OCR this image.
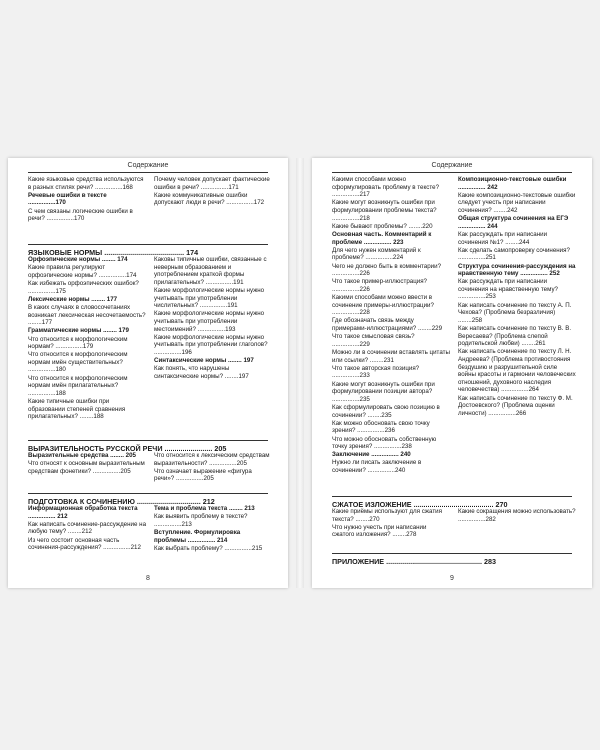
Содержание
Какие языковые средства используются в разных стилях речи? ................168
Речевые ошибки в тексте ................170
С чем связаны логические ошибки в речи? ................170
Почему человек допускает фактические ошибки в речи? ................171
Какие коммуникативные ошибки допускают люди в речи? ................172
ЯЗЫКОВЫЕ НОРМЫ ........................................ 174
Орфоэпические нормы ........ 174
Какие правила регулируют орфоэпические нормы? ................174
Как избежать орфоэпических ошибок? ................175
Лексические нормы ........ 177
В каких случаях в словосочетаниях возникает лексическая несочетаемость? ........177
Грамматические нормы ........ 179
Что относится к морфологическим нормам? ................179
Что относится к морфологическим нормам имён существительных? ................180
Что относится к морфологическим нормам имён прилагательных? ................188
Какие типичные ошибки при образовании степеней сравнения прилагательных? ........188
Каковы типичные ошибки, связанные с неверным образованием и употреблением краткой формы прилагательных? ................191
Какие морфологические нормы нужно учитывать при употреблении числительных? ................191
Какие морфологические нормы нужно учитывать при употреблении местоимений? ................193
Какие морфологические нормы нужно учитывать при употреблении глаголов? ................196
Синтаксические нормы ........ 197
Как понять, что нарушены синтаксические нормы? ........197
ВЫРАЗИТЕЛЬНОСТЬ РУССКОЙ РЕЧИ ........................ 205
Выразительные средства ........ 205
Что относят к основным выразительным средствам фонетики? ................205
Что относится к лексическим средствам выразительности? ................205
Что означает выражение «фигура речи»? ................205
ПОДГОТОВКА К СОЧИНЕНИЮ ................................ 212
Информационная обработка текста ................ 212
Как написать сочинение-рассуждение на любую тему? ........212
Из чего состоит основная часть сочинения-рассуждения? ................212
Тема и проблема текста ........ 213
Как выявить проблему в тексте? ................213
Вступление. Формулировка проблемы ................ 214
Как выбрать проблему? ................215
8
Содержание
Какими способами можно сформулировать проблему в тексте? ................217
Какие могут возникнуть ошибки при формулировании проблемы текста? ................218
Какие бывают проблемы? ........220
Основная часть. Комментарий к проблеме ................ 223
Для чего нужен комментарий к проблеме? ................224
Чего не должно быть в комментарии? ................226
Что такое пример-иллюстрация? ................226
Какими способами можно ввести в сочинение примеры-иллюстрации? ................228
Где обозначать связь между примерами-иллюстрациями? ........229
Что такое смысловая связь? ................229
Можно ли в сочинении вставлять цитаты или ссылки? ........231
Что такое авторская позиция? ................233
Какие могут возникнуть ошибки при формулировании позиции автора? ................235
Как сформулировать свою позицию в сочинении? ........235
Как можно обосновать свою точку зрения? ................236
Что можно обосновать собственную точку зрения? ................238
Заключение ................ 240
Нужно ли писать заключение в сочинении? ................240
Композиционно-текстовые ошибки ................ 242
Какие композиционно-текстовые ошибки следует учесть при написании сочинения? ........242
Общая структура сочинения на ЕГЭ ................ 244
Как рассуждать при написании сочинения №1? ........244
Как сделать самопроверку сочинения? ................251
Структура сочинения-рассуждения на нравственную тему ................ 252
Как рассуждать при написании сочинения на нравственную тему? ................253
Как написать сочинение по тексту А. П. Чехова? (Проблема безразличия) ........258
Как написать сочинение по тексту В. В. Вересаева? (Проблема слепой родительской любви) ........261
Как написать сочинение по тексту Л. Н. Андреева? (Проблема противостояния бездушию и разрушительной силе войны красоты и гармонии человеческих отношений, духовного наследия человечества) ................264
Как написать сочинение по тексту Ф. М. Достоевского? (Проблема оценки личности) ................266
СЖАТОЕ ИЗЛОЖЕНИЕ ........................................ 270
Какие приёмы используют для сжатия текста? ........270
Что нужно учесть при написании сжатого изложения? ........278
Какие сокращения можно использовать? ................282
ПРИЛОЖЕНИЕ ................................................ 283
9
